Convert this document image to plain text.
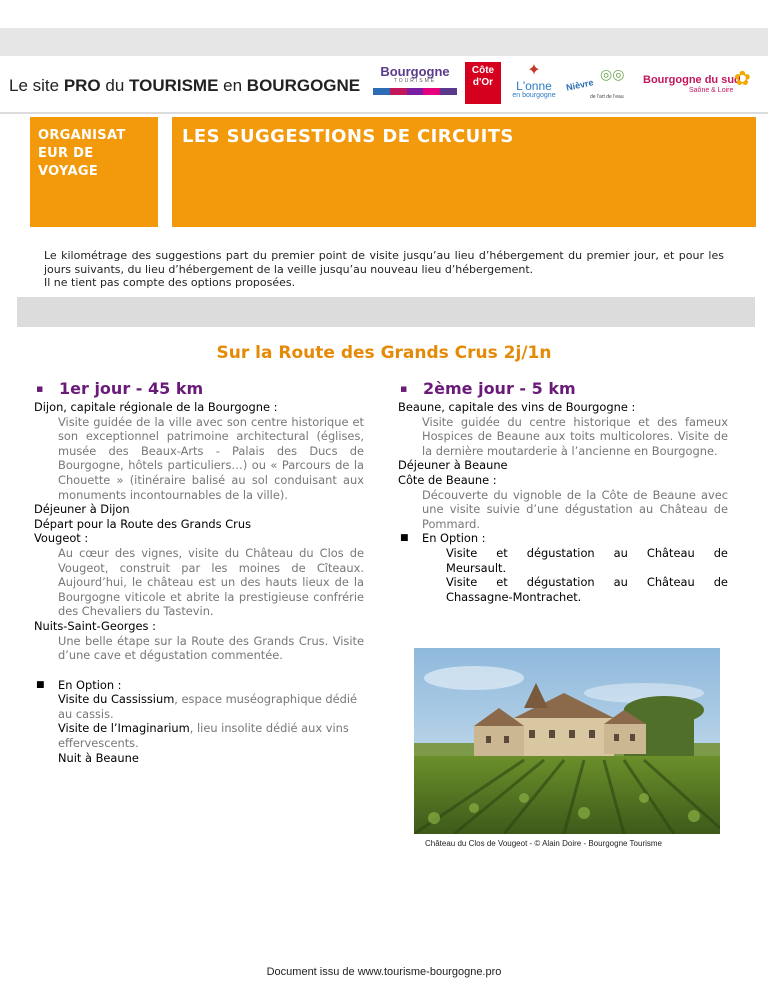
Le site PRO du TOURISME en BOURGOGNE
Bourgogne
TOURISME
Côte
d'Or
✦
L'onne
en bourgogne
◎◎
Nièvre
de l'art de l'eau
Bourgogne du sud
Saône & Loire
✿
ORGANISAT EUR DE VOYAGE
LES SUGGESTIONS DE CIRCUITS

Le kilométrage des suggestions part du premier point de visite jusqu’au lieu d’hébergement du premier jour, et pour les jours suivants, du lieu d’hébergement de la veille jusqu’au nouveau lieu d’hébergement.

Il ne tient pas compte des options proposées.

Sur la Route des Grands Crus 2j/1n
▪ 1er jour - 45 km
Dijon, capitale régionale de la Bourgogne :
Visite guidée de la ville avec son centre historique et son exceptionnel patrimoine architectural (églises, musée des Beaux-Arts - Palais des Ducs de Bourgogne, hôtels particuliers…) ou « Parcours de la Chouette » (itinéraire balisé au sol conduisant aux monuments incontournables de la ville).
Déjeuner à Dijon
Départ pour la Route des Grands Crus
Vougeot :
Au cœur des vignes, visite du Château du Clos de Vougeot, construit par les moines de Cîteaux. Aujourd’hui, le château est un des hauts lieux de la Bourgogne viticole et abrite la prestigieuse confrérie des Chevaliers du Tastevin.
Nuits-Saint-Georges :
Une belle étape sur la Route des Grands Crus. Visite d’une cave et dégustation commentée.
■ En Option :
Visite du Cassissium, espace muséographique dédié au cassis.
Visite de l’Imaginarium, lieu insolite dédié aux vins effervescents.
Nuit à Beaune
▪ 2ème jour - 5 km
Beaune, capitale des vins de Bourgogne :
Visite guidée du centre historique et des fameux Hospices de Beaune aux toits multicolores. Visite de la dernière moutarderie à l’ancienne en Bourgogne.
Déjeuner à Beaune
Côte de Beaune :
Découverte du vignoble de la Côte de Beaune avec une visite suivie d’une dégustation au Château de Pommard.
■ En Option :
Visite et dégustation au Château de
Meursault.
Visite et dégustation au Château de
Chassagne-Montrachet.
Château du Clos de Vougeot - © Alain Doire - Bourgogne Tourisme
Document issu de www.tourisme-bourgogne.pro
